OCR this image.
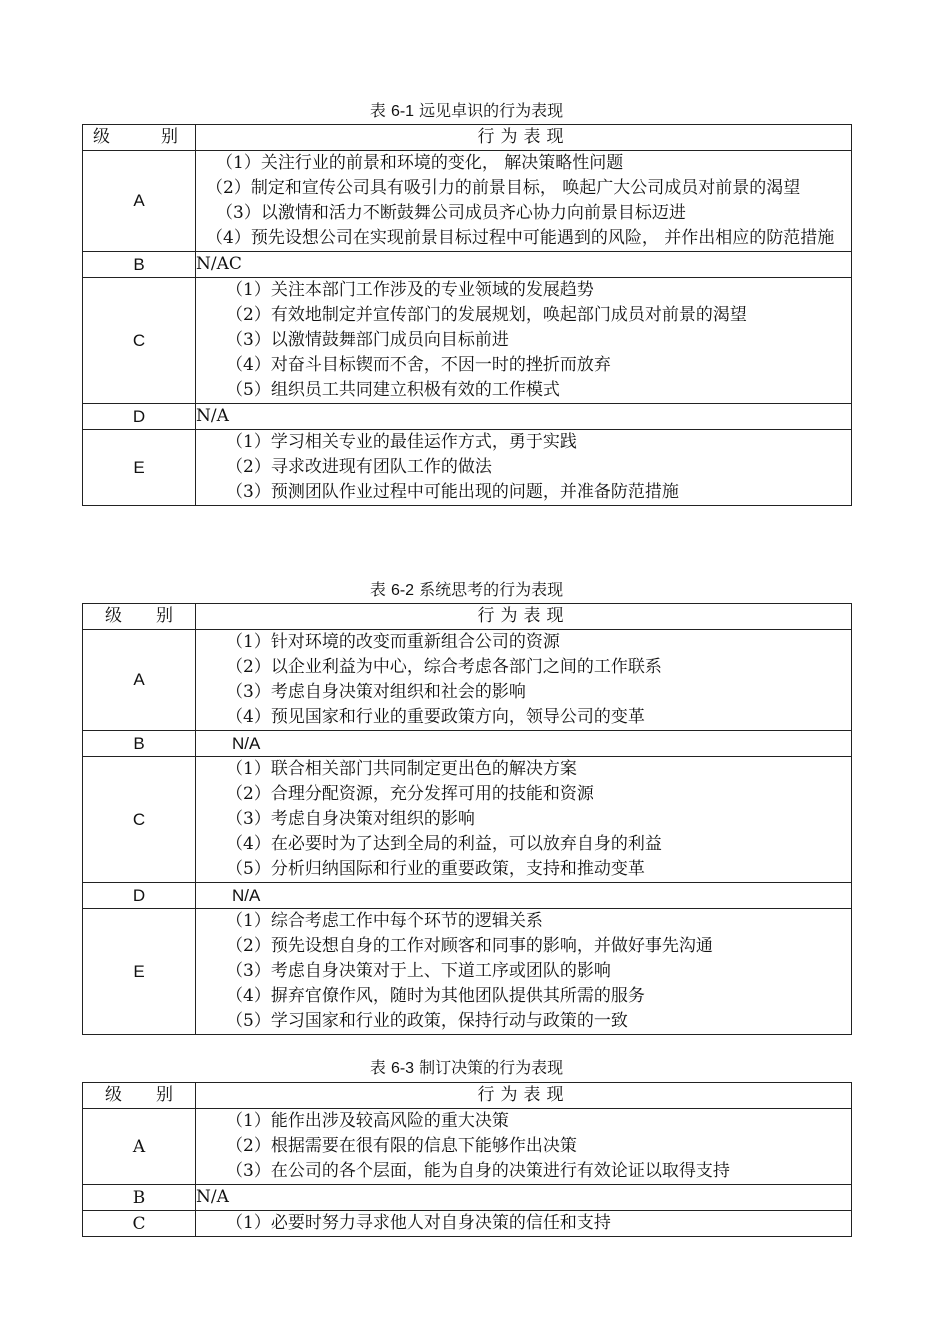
表 6-1 远见卓识的行为表现
级　　　别	行为表现
A	（1）关注行业的前景和环境的变化， 解决策略性问题
（2）制定和宣传公司具有吸引力的前景目标， 唤起广大公司成员对前景的渴望
（3）以激情和活力不断鼓舞公司成员齐心协力向前景目标迈进
（4）预先设想公司在实现前景目标过程中可能遇到的风险， 并作出相应的防范措施

B	N/AC
C	（1）关注本部门工作涉及的专业领域的发展趋势
（2）有效地制定并宣传部门的发展规划，唤起部门成员对前景的渴望
（3）以激情鼓舞部门成员向目标前进
（4）对奋斗目标锲而不舍，不因一时的挫折而放弃
（5）组织员工共同建立积极有效的工作模式

D	N/A
E	（1）学习相关专业的最佳运作方式，勇于实践
（2）寻求改进现有团队工作的做法
（3）预测团队作业过程中可能出现的问题，并准备防范措施
表 6-2 系统思考的行为表现
级　　别	行为表现
A	（1）针对环境的改变而重新组合公司的资源
（2）以企业利益为中心，综合考虑各部门之间的工作联系
（3）考虑自身决策对组织和社会的影响
（4）预见国家和行业的重要政策方向，领导公司的变革

B	N/A
C	（1）联合相关部门共同制定更出色的解决方案
（2）合理分配资源，充分发挥可用的技能和资源
（3）考虑自身决策对组织的影响
（4）在必要时为了达到全局的利益，可以放弃自身的利益
（5）分析归纳国际和行业的重要政策，支持和推动变革

D	N/A
E	（1）综合考虑工作中每个环节的逻辑关系
（2）预先设想自身的工作对顾客和同事的影响，并做好事先沟通
（3）考虑自身决策对于上、下道工序或团队的影响
（4）摒弃官僚作风，随时为其他团队提供其所需的服务
（5）学习国家和行业的政策，保持行动与政策的一致
表 6-3 制订决策的行为表现
级　　别	行为表现
A	（1）能作出涉及较高风险的重大决策
（2）根据需要在很有限的信息下能够作出决策
（3）在公司的各个层面，能为自身的决策进行有效论证以取得支持

B	N/A
C	（1）必要时努力寻求他人对自身决策的信任和支持
